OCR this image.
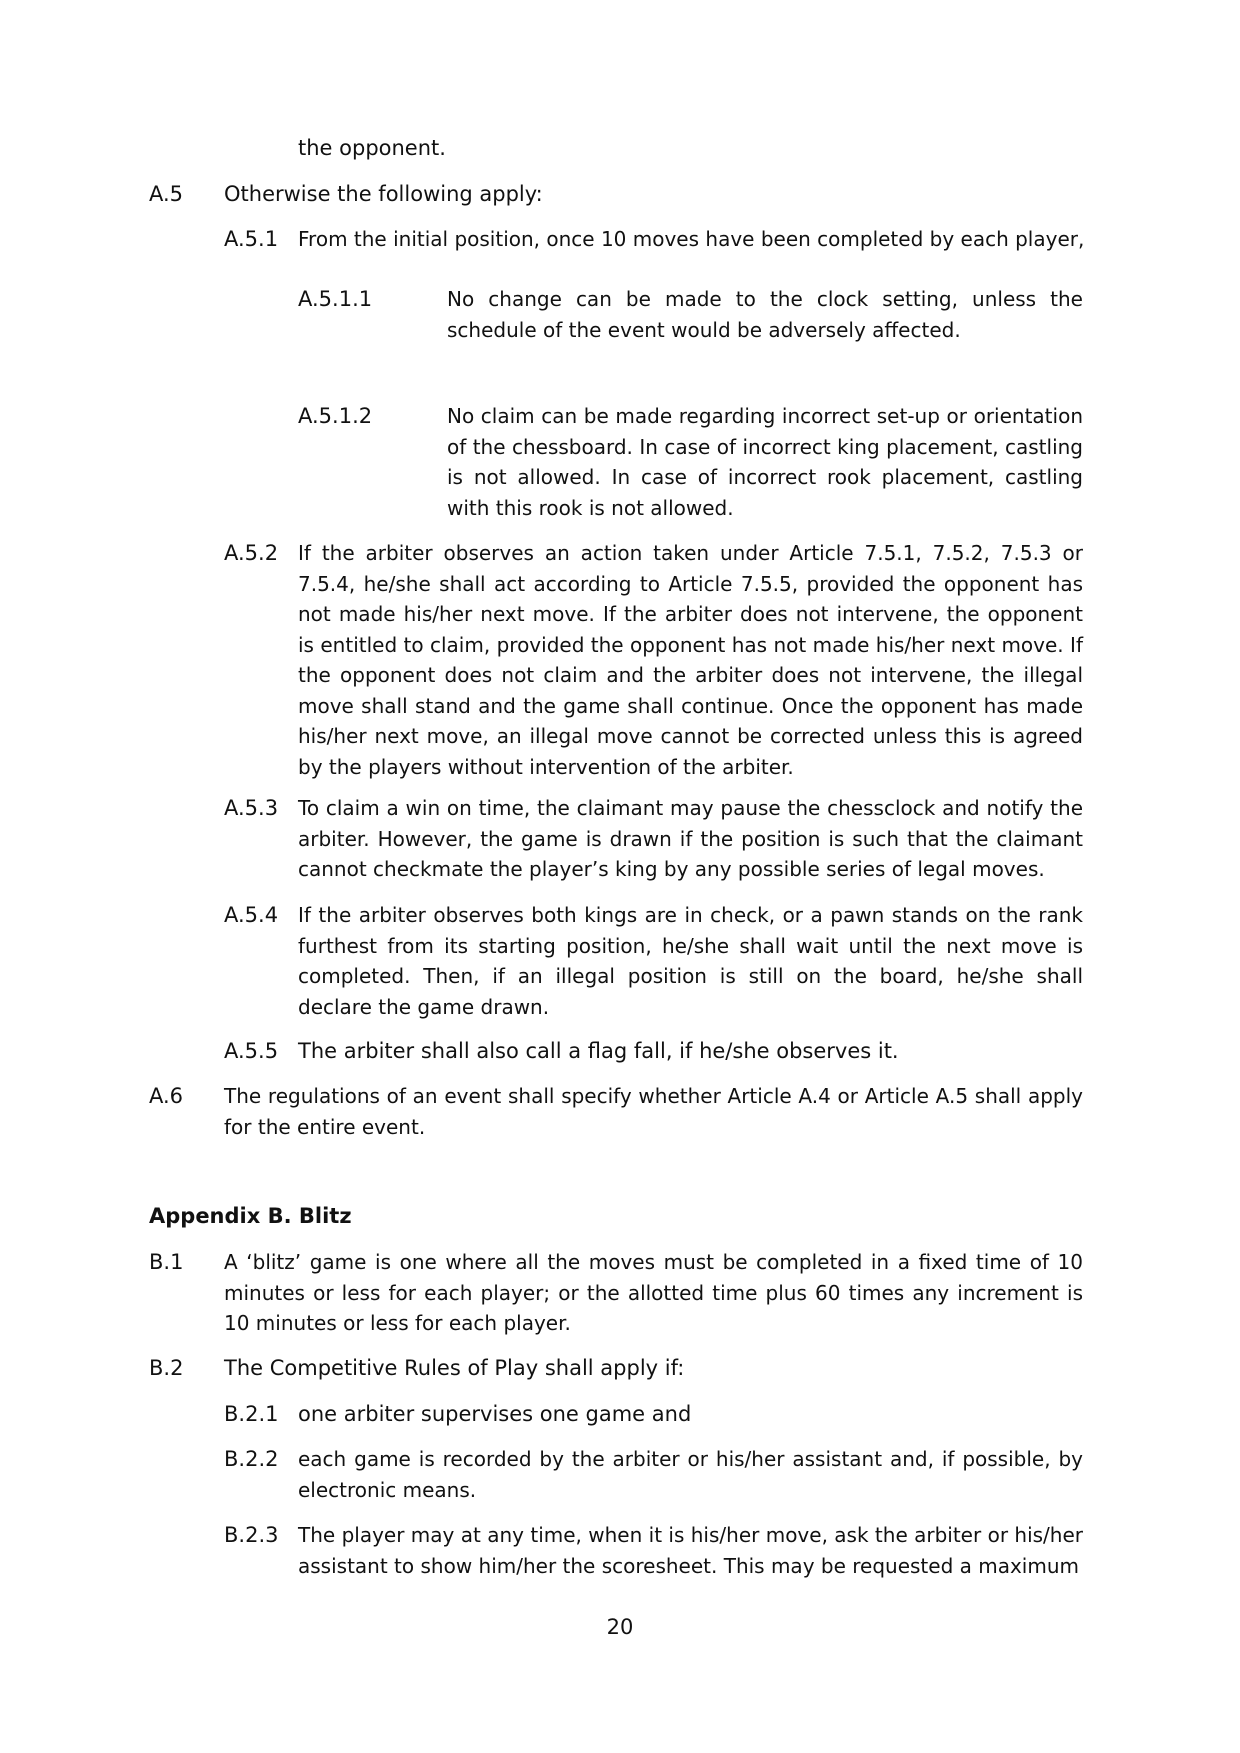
the opponent.
A.5 Otherwise the following apply:
A.5.1 From the initial position, once 10 moves have been completed by each player,
A.5.1.1	No change can be made to the clock setting, unless the schedule of the event would be adversely affected.
A.5.1.2	No claim can be made regarding incorrect set-up or orientation of the chessboard. In case of incorrect king placement, castling is not allowed. In case of incorrect rook placement, castling with this rook is not allowed.
A.5.2 If the arbiter observes an action taken under Article 7.5.1, 7.5.2, 7.5.3 or 7.5.4, he/she shall act according to Article 7.5.5, provided the opponent has not made his/her next move. If the arbiter does not intervene, the opponent is entitled to claim, provided the opponent has not made his/her next move. If the opponent does not claim and the arbiter does not intervene, the illegal move shall stand and the game shall continue. Once the opponent has made his/her next move, an illegal move cannot be corrected unless this is agreed by the players without intervention of the arbiter.
A.5.3 To claim a win on time, the claimant may pause the chessclock and notify the arbiter. However, the game is drawn if the position is such that the claimant cannot checkmate the player’s king by any possible series of legal moves.
A.5.4 If the arbiter observes both kings are in check, or a pawn stands on the rank furthest from its starting position, he/she shall wait until the next move is completed. Then, if an illegal position is still on the board, he/she shall declare the game drawn.
A.5.5 The arbiter shall also call a flag fall, if he/she observes it.
A.6 The regulations of an event shall specify whether Article A.4 or Article A.5 shall apply for the entire event.
Appendix B. Blitz
B.1 A ‘blitz’ game is one where all the moves must be completed in a fixed time of 10 minutes or less for each player; or the allotted time plus 60 times any increment is 10 minutes or less for each player.
B.2 The Competitive Rules of Play shall apply if:
B.2.1 one arbiter supervises one game and
B.2.2 each game is recorded by the arbiter or his/her assistant and, if possible, by electronic means.
B.2.3 The player may at any time, when it is his/her move, ask the arbiter or his/her assistant to show him/her the scoresheet. This may be requested a maximum
20
